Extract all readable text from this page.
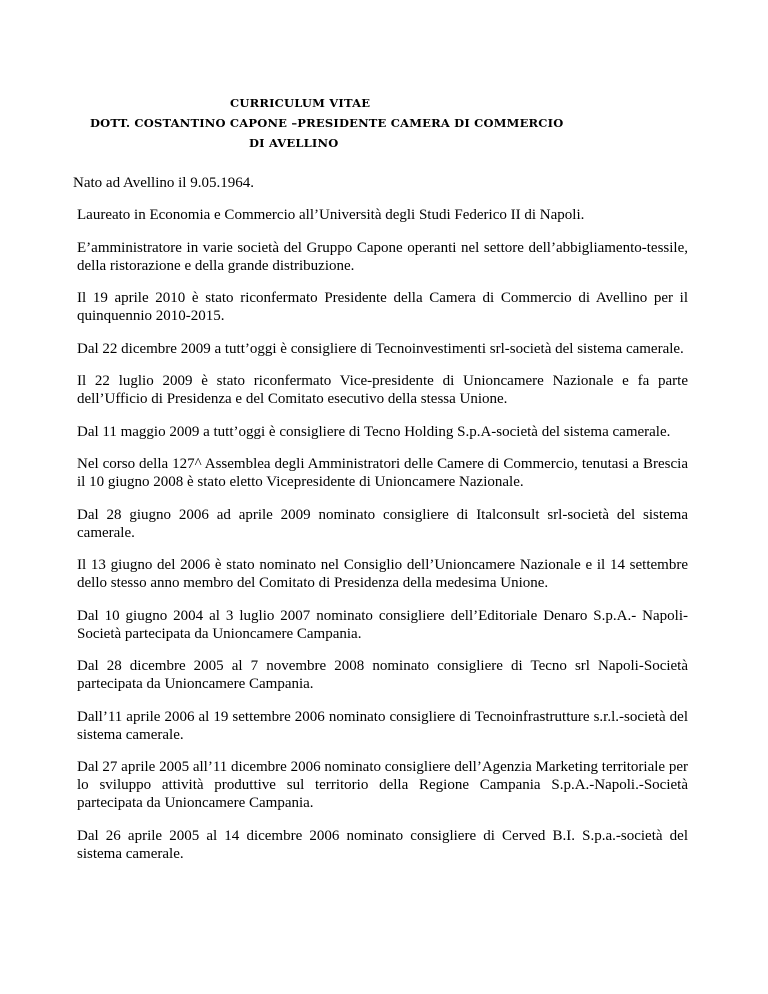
CURRICULUM VITAE
DOTT. COSTANTINO CAPONE –PRESIDENTE CAMERA DI COMMERCIO
DI AVELLINO
Nato ad Avellino il 9.05.1964.

Laureato in Economia e Commercio all’Università degli Studi Federico II di Napoli.

E’amministratore in varie società del Gruppo Capone operanti nel settore dell’abbigliamento-tessile, della ristorazione e della grande distribuzione.

Il 19 aprile 2010 è stato riconfermato Presidente della Camera di Commercio di Avellino per il quinquennio 2010-2015.

Dal 22 dicembre 2009 a tutt’oggi è consigliere di Tecnoinvestimenti srl-società del sistema camerale.

Il 22 luglio 2009 è stato riconfermato Vice-presidente di Unioncamere Nazionale e fa parte dell’Ufficio di Presidenza e del Comitato esecutivo della stessa Unione.

Dal 11 maggio 2009 a tutt’oggi è consigliere di Tecno Holding S.p.A-società del sistema camerale.

Nel corso della 127^ Assemblea degli Amministratori delle Camere di Commercio, tenutasi a Brescia il 10 giugno 2008 è stato eletto Vicepresidente di Unioncamere Nazionale.

Dal 28 giugno 2006 ad aprile 2009 nominato consigliere di Italconsult srl-società del sistema camerale.

Il 13 giugno del 2006 è stato nominato nel Consiglio dell’Unioncamere Nazionale e il 14 settembre dello stesso anno membro del Comitato di Presidenza della medesima Unione.

Dal 10 giugno 2004 al 3 luglio 2007 nominato consigliere dell’Editoriale Denaro S.p.A.- Napoli-Società partecipata da Unioncamere Campania.

Dal 28 dicembre 2005 al 7 novembre 2008 nominato consigliere di Tecno srl Napoli-Società partecipata da Unioncamere Campania.

Dall’11 aprile 2006 al 19 settembre 2006 nominato consigliere di Tecnoinfrastrutture s.r.l.-società del sistema camerale.

Dal 27 aprile 2005 all’11 dicembre 2006 nominato consigliere dell’Agenzia Marketing territoriale per lo sviluppo attività produttive sul territorio della Regione Campania S.p.A.-Napoli.-Società partecipata da Unioncamere Campania.

Dal 26 aprile 2005 al 14 dicembre 2006 nominato consigliere di Cerved B.I. S.p.a.-società del sistema camerale.
